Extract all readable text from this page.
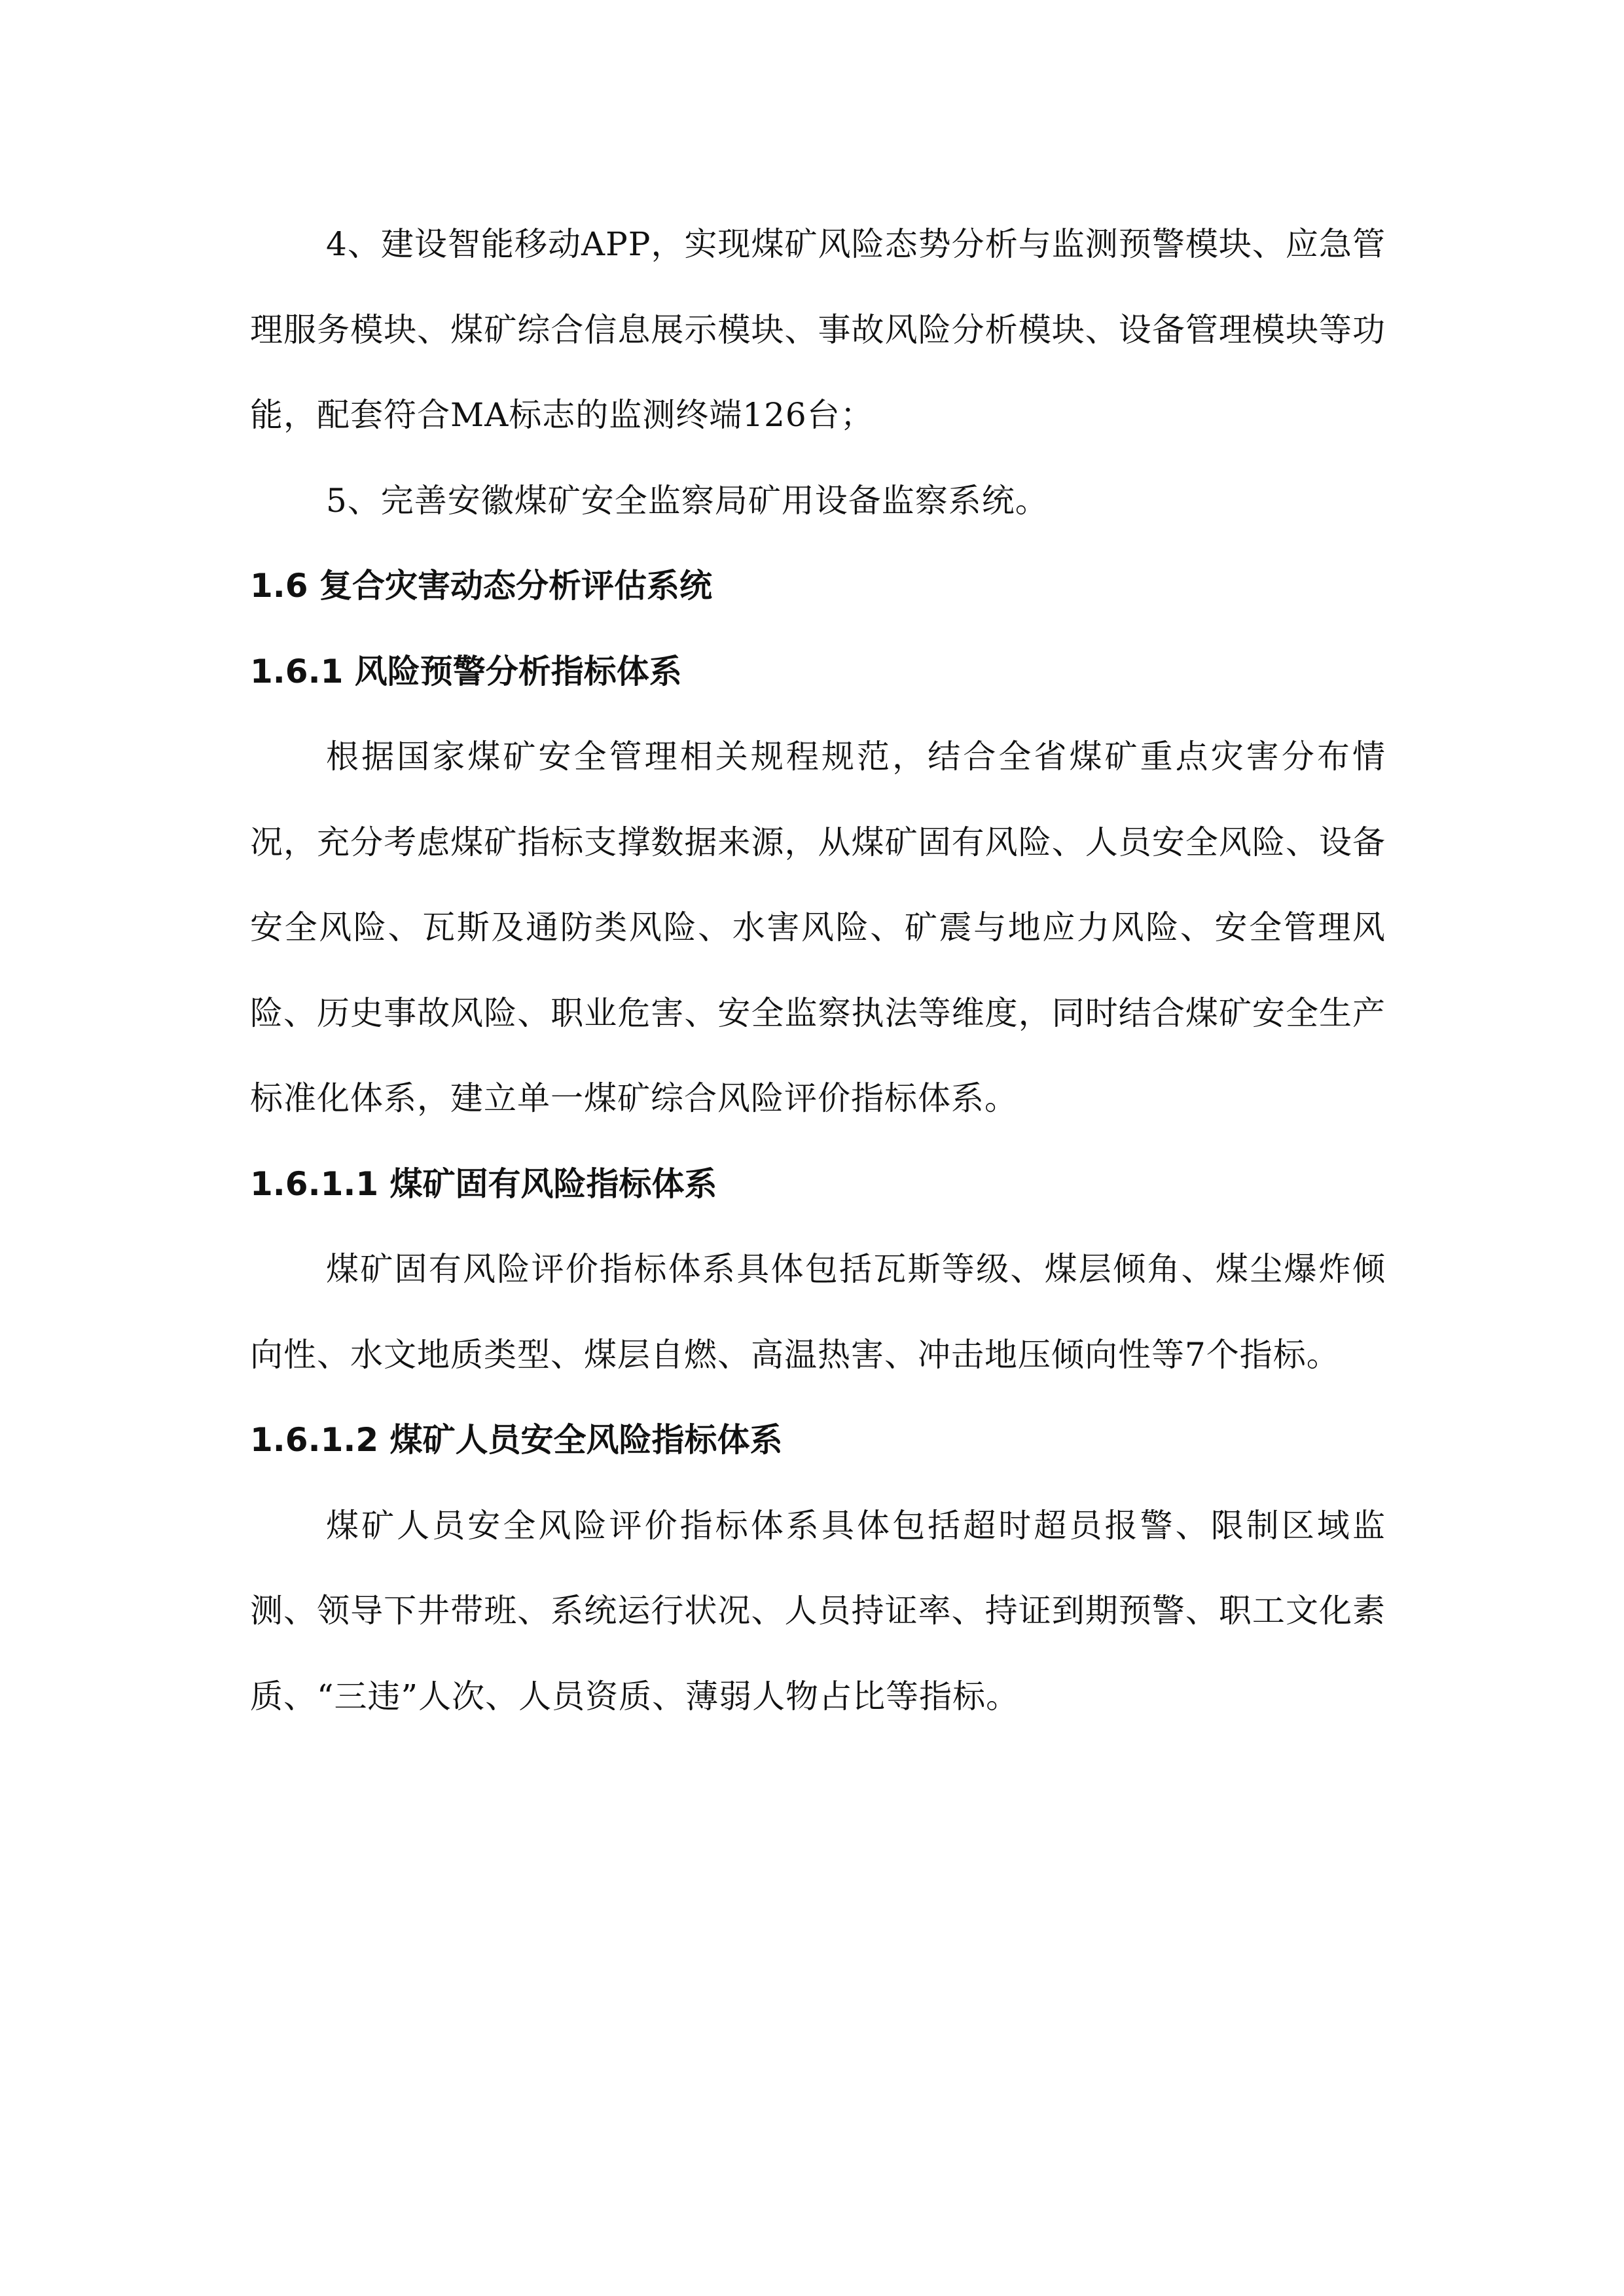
4、建设智能移动APP，实现煤矿风险态势分析与监测预警模块、应急管理服务模块、煤矿综合信息展示模块、事故风险分析模块、设备管理模块等功能，配套符合MA标志的监测终端126台；

5、完善安徽煤矿安全监察局矿用设备监察系统。

1.6 复合灾害动态分析评估系统
1.6.1 风险预警分析指标体系

根据国家煤矿安全管理相关规程规范，结合全省煤矿重点灾害分布情况，充分考虑煤矿指标支撑数据来源，从煤矿固有风险、人员安全风险、设备安全风险、瓦斯及通防类风险、水害风险、矿震与地应力风险、安全管理风险、历史事故风险、职业危害、安全监察执法等维度，同时结合煤矿安全生产标准化体系，建立单一煤矿综合风险评价指标体系。

1.6.1.1 煤矿固有风险指标体系

煤矿固有风险评价指标体系具体包括瓦斯等级、煤层倾角、煤尘爆炸倾向性、水文地质类型、煤层自燃、高温热害、冲击地压倾向性等7个指标。

1.6.1.2 煤矿人员安全风险指标体系

煤矿人员安全风险评价指标体系具体包括超时超员报警、限制区域监测、领导下井带班、系统运行状况、人员持证率、持证到期预警、职工文化素质、“三违”人次、人员资质、薄弱人物占比等指标。
